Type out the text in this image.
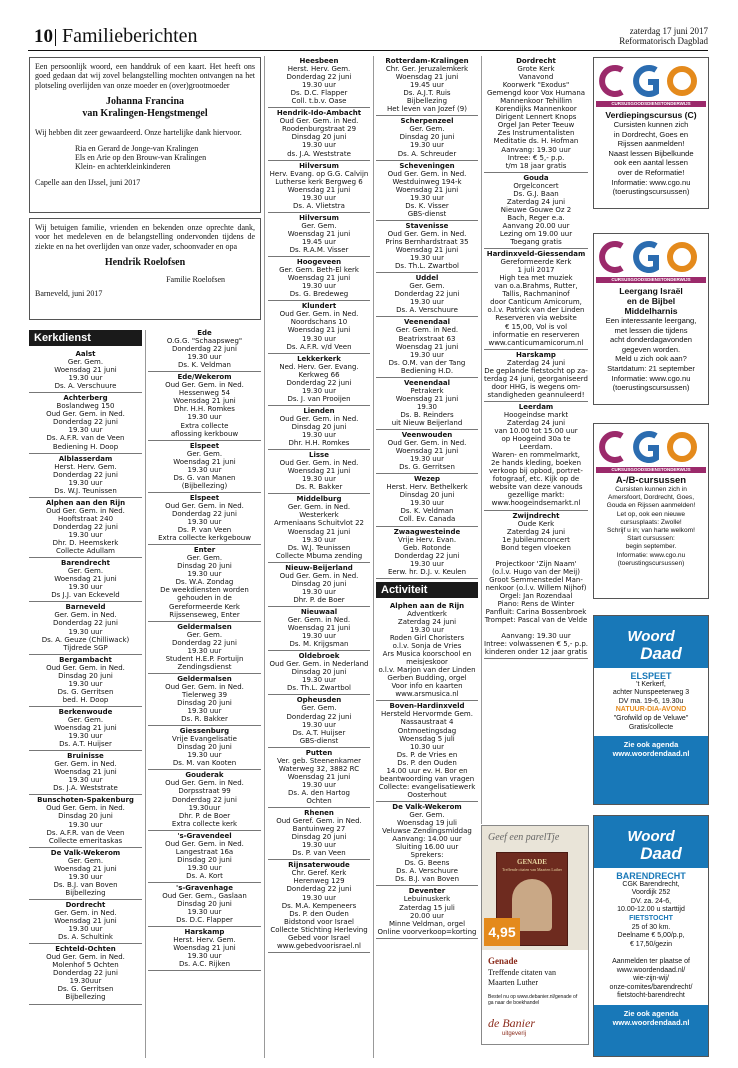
10 Familieberichten	zaterdag 17 juni 2017
Reformatorisch Dagblad

Een persoonlijk woord, een handdruk of een kaart. Het heeft ons goed gedaan dat wij zovel belangstelling mochten ontvangen na het plotseling overlijden van onze moeder en (over)grootmoeder

Johanna Francina
van Kralingen-Hengstmengel

Wij hebben dit zeer gewaardeerd. Onze hartelijke dank hiervoor.

Ria en Gerard de Jonge-van Kralingen
Els en Arie op den Brouw-van Kralingen
Klein- en achterkleinkinderen

Capelle aan den IJssel, juni 2017

Wij betuigen familie, vrienden en bekenden onze oprechte dank, voor het medeleven en de belangstelling ondervonden tijdens de ziekte en na het overlijden van onze vader, schoonvader en opa

Hendrik Roelofsen

Familie Roelofsen

Barneveld, juni 2017

Kerkdienst
Aalst
Ger. Gem.
Woensdag 21 juni
19.30 uur
Ds. A. Verschuure
Achterberg
Boslandweg 150
Oud Ger. Gem. in Ned.
Donderdag 22 juni
19.30 uur
Ds. A.F.R. van de Veen
Bediening H. Doop
Alblasserdam
Herst. Herv. Gem.
Donderdag 22 juni
19.30 uur
Ds. W.J. Teunissen
Alphen aan den Rijn
Oud Ger. Gem. in Ned.
Hooftstraat 240
Donderdag 22 juni
19.30 uur
Dhr. D. Heemskerk
Collecte Adullam
Barendrecht
Ger. Gem.
Woensdag 21 juni
19.30 uur
Ds J.J. van Eckeveld
Barneveld
Ger. Gem. in Ned.
Donderdag 22 juni
19.30 uur
Ds. A. Geuze (Chilliwack)
Tijdrede SGP
Bergambacht
Oud Ger. Gem. in Ned.
Dinsdag 20 juni
19.30 uur
Ds. G. Gerritsen
bed. H. Doop
Berkenwoude
Ger. Gem.
Woensdag 21 juni
19.30 uur
Ds. A.T. Huijser
Bruinisse
Ger. Gem. in Ned.
Woensdag 21 juni
19.30 uur
Ds. J.A. Weststrate
Bunschoten-Spakenburg
Oud Ger. Gem. in Ned.
Dinsdag 20 juni
19.30 uur
Ds. A.F.R. van de Veen
Collecte emeritaskas
De Valk-Wekerom
Ger. Gem.
Woensdag 21 juni
19.30 uur
Ds. B.J. van Boven
Bijbellezing
Dordrecht
Ger. Gem. in Ned.
Woensdag 21 juni
19.30 uur
Ds. A. Schultink
Echteld-Ochten
Oud Ger. Gem. in Ned.
Molenhof 5 Ochten
Donderdag 22 juni
19.30uur
Ds. G. Gerritsen
Bijbellezing
Ede
O.G.G. "Schaapsweg"
Donderdag 22 juni
19.30 uur
Ds. K. Veldman
Ede/Wekerom
Oud Ger. Gem. in Ned.
Hessenweg 54
Woensdag 21 juni
Dhr. H.H. Romkes
19.30 uur
Extra collecte
aflossing kerkbouw
Elspeet
Ger. Gem.
Woensdag 21 juni
19.30 uur
Ds. G. van Manen
(Bijbellezing)
Elspeet
Oud Ger. Gem. in Ned.
Donderdag 22 juni
19.30 uur
Ds. P. van Veen
Extra collecte kerkgebouw
Enter
Ger. Gem.
Dinsdag 20 juni
19.30 uur
Ds. W.A. Zondag
De weekdiensten worden
gehouden in de
Gereformeerde Kerk
Rijssenseweg, Enter
Geldermalsen
Ger. Gem.
Donderdag 22 juni
19.30 uur
Student H.E.P. Fortuijn
Zendingsdienst
Geldermalsen
Oud Ger. Gem. in Ned.
Tielerweg 39
Dinsdag 20 juni
19.30 uur
Ds. R. Bakker
Giessenburg
Vrije Evangelisatie
Dinsdag 20 juni
19.30 uur
Ds. M. van Kooten
Gouderak
Oud Ger. Gem. in Ned.
Dorpsstraat 99
Donderdag 22 juni
19.30uur
Dhr. P. de Boer
Extra collecte kerk
's-Gravendeel
Oud Ger. Gem. in Ned.
Langestraat 16a
Dinsdag 20 juni
19.30 uur
Ds. A. Kort
's-Gravenhage
Oud Ger. Gem., Gaslaan
Dinsdag 20 juni
19.30 uur
Ds. D.C. Flapper
Harskamp
Herst. Herv. Gem.
Woensdag 21 juni
19.30 uur
Ds. A.C. Rijken
Heesbeen
Herst. Herv. Gem.
Donderdag 22 juni
19.30 uur
Ds. D.C. Flapper
Coll. t.b.v. Oase
Hendrik-Ido-Ambacht
Oud Ger. Gem. in Ned.
Roodenburgstraat 29
Dinsdag 20 juni
19.30 uur
ds. J.A. Weststrate
Hilversum
Herv. Evang. op G.G. Calvijn
Lutherse kerk Bergweg 6
Woensdag 21 juni
19.30 uur
Ds. A. Vlietstra
Hilversum
Ger. Gem.
Woensdag 21 juni
19.45 uur
Ds. R.A.M. Visser
Hoogeveen
Ger. Gem. Beth-El kerk
Woensdag 21 juni
19.30 uur
Ds. G. Bredeweg
Klundert
Oud Ger. Gem. in Ned.
Noordschans 10
Woensdag 21 juni
19.30 uur
Ds. A.F.R. v/d Veen
Lekkerkerk
Ned. Herv. Ger. Evang.
Kerkweg 66
Donderdag 22 juni
19.30 uur
Ds. J. van Prooijen
Lienden
Oud Ger. Gem. in Ned.
Dinsdag 20 juni
19.30 uur
Dhr. H.H. Romkes
Lisse
Oud Ger. Gem. in Ned.
Woensdag 21 juni
19.30 uur
Ds. R. Bakker
Middelburg
Ger. Gem. in Ned.
Westerkerk
Armeniaans Schuitvlot 22
Woensdag 21 juni
19.30 uur
Ds. W.J. Teunissen
Collecte Mbuma zending
Nieuw-Beijerland
Oud Ger. Gem. in Ned.
Dinsdag 20 juni
19.30 uur
Dhr. P. de Boer
Nieuwaal
Ger. Gem. in Ned.
Woensdag 21 juni
19.30 uur
Ds. M. Krijgsman
Oldebroek
Oud Ger. Gem. in Nederland
Dinsdag 20 juni
19.30 uur
Ds. Th.L. Zwartbol
Opheusden
Ger. Gem.
Donderdag 22 juni
19.30 uur
Ds. A.T. Huijser
GBS-dienst
Putten
Ver. geb. Steenenkamer
Waterweg 32, 3882 RC
Woensdag 21 juni
19.30 uur
Ds. A. den Hartog
Ochten
Rhenen
Oud Geref. Gem. in Ned.
Bantuinweg 27
Dinsdag 20 juni
19.30 uur
Ds. P. van Veen
Rijnsaterwoude
Chr. Geref. Kerk
Herenweg 129
Donderdag 22 juni
19.30 uur
Ds. M.A. Kempeneers
Ds. P. den Ouden
Bidstond voor Israel
Collecte Stichting Herleving
Gebed voor Israel
www.gebedvoorisrael.nl
Rotterdam-Kralingen
Chr. Ger. Jeruzalemkerk
Woensdag 21 juni
19.45 uur
Ds. A.J.T. Ruis
Bijbellezing
Het leven van Jozef (9)
Scherpenzeel
Ger. Gem.
Dinsdag 20 juni
19.30 uur
Ds. A. Schreuder
Scheveningen
Oud Ger. Gem. in Ned.
Westduinweg 194-k
Woensdag 21 juni
19.30 uur
Ds. K. Visser
GBS-dienst
Stavenisse
Oud Ger. Gem. in Ned.
Prins Bernhardstraat 35
Woensdag 21 juni
19.30 uur
Ds. Th.L. Zwartbol
Uddel
Ger. Gem.
Donderdag 22 juni
19.30 uur
Ds. A. Verschuure
Veenendaal
Ger. Gem. in Ned.
Beatrixstraat 63
Woensdag 21 juni
19.30 uur
Ds. O.M. van der Tang
Bediening H.D.
Veenendaal
Petrakerk
Woensdag 21 juni
19.30
Ds. B. Reinders
uit Nieuw Beijerland
Veenwouden
Oud Ger. Gem. in Ned.
Woensdag 21 juni
19.30 uur
Ds. G. Gerritsen
Wezep
Herst. Herv. Bethelkerk
Dinsdag 20 juni
19.30 uur
Ds. K. Veldman
Coll. Ev. Canada
Zwaagwesteinde
Vrije Herv. Evan.
Geb. Rotonde
Donderdag 22 juni
19.30 uur
Eerw. hr. D.J. v. Keulen
Activiteit
Alphen aan de Rijn
Adventkerk
Zaterdag 24 juni
19.30 uur
Roden Girl Choristers
o.l.v. Sonja de Vries
Ars Musica koorschool en
meisjeskoor
o.l.v. Marjon van der Linden
Gerben Budding, orgel
Voor info en kaarten
www.arsmusica.nl
Boven-Hardinxveld
Hersteld Hervormde Gem.
Nassaustraat 4
Ontmoetingsdag
Woensdag 5 juli
10.30 uur
Ds. P. de Vries en
Ds. P. den Ouden
14.00 uur ev. H. Bor en
beantwoording van vragen
Collecte: evangelisatiewerk
Oosterhout
De Valk-Wekerom
Ger. Gem.
Woensdag 19 juli
Veluwse Zendingsmiddag
Aanvang: 14.00 uur
Sluiting 16.00 uur
Sprekers:
Ds. G. Beens
Ds. A. Verschuure
Ds. B.J. van Boven
Deventer
Lebuinuskerk
Zaterdag 15 juli
20.00 uur
Minne Veldman, orgel
Online voorverkoop=korting
Dordrecht
Grote Kerk
Vanavond
Koorwerk "Exodus"
Gemengd koor Vox Humana
Mannenkoor Tehillim
Korendijks Mannenkoor
Dirigent Lennert Knops
Orgel Jan Peter Teeuw
Zes Instrumentalisten
Meditatie ds. H. Hofman
Aanvang: 19.30 uur
Intree: € 5,- p.p.
t/m 18 jaar gratis
Gouda
Orgelconcert
Ds. G.J. Baan
Zaterdag 24 juni
Nieuwe Gouwe Oz 2
Bach, Reger e.a.
Aanvang 20.00 uur
Lezing om 19.00 uur
Toegang gratis
Hardinxveld-Giessendam
Gereformeerde Kerk
1 juli 2017
High tea met muziek
van o.a.Brahms, Rutter,
Tallis, Rachmaninof
door Canticum Amicorum,
o.l.v. Patrick van der Linden
Reserveren via website
€ 15,00, Vol is vol
informatie en reserveren
www.canticumamicorum.nl
Harskamp
Zaterdag 24 juni
De geplande fietstocht op za-
terdag 24 juni, georganiseerd
door HHG, is wegens om-
standigheden geannuleerd!
Leerdam
Hoogeindse markt
Zaterdag 24 juni
van 10.00 tot 15.00 uur
op Hoogeind 30a te Leerdam.
Waren- en rommelmarkt,
2e hands kleding, boeken
verkoop bij opbod, portret-
fotograaf, etc. Kijk op de
website van deze vanouds
gezellige markt:
www.hoogeindsemarkt.nl
Zwijndrecht
Oude Kerk
Zaterdag 24 juni
1e Jubileumconcert
Bond tegen vloeken

Projectkoor 'Zijn Naam'
(o.l.v. Hugo van der Meij)
Groot Semmenstedel Man-
nenkoor (o.l.v. Willem Nijhof)
Orgel: Jan Rozendaal
Piano: Rens de Winter
Panfluit: Carina Bossenbroek
Trompet: Pascal van de Velde

Aanvang: 19.30 uur
Intree: volwassenen € 5,- p.p.
kinderen onder 12 jaar gratis
Geef een parelTje
GENADE
Treffende citaten van Maarten Luther
4,95
Genade
Treffende citaten van Maarten Luther
Bestel nu op www.debanier.nl/genade of ga naar de boekhandel
de Banier
uitgeverij
CURSUSGOODSDIENSTONDERWIJS
Verdiepingscursus (C)
Cursisten kunnen zich
in Dordrecht, Goes en
Rijssen aanmelden!
Naast lessen Bijbelkunde
ook een aantal lessen
over de Reformatie!
Informatie: www.cgo.nu
(toerustingscursussen)
CURSUSGOODSDIENSTONDERWIJS
Leergang Israël
en de Bijbel
Middelharnis
Een interessante leergang,
met lessen die tijdens
acht donderdagavonden
gegeven worden.
Meld u zich ook aan?
Startdatum: 21 september
Informatie: www.cgo.nu
(toerustingscursussen)
CURSUSGOODSDIENSTONDERWIJS
A-/B-cursussen
Cursisten kunnen zich in
Amersfoort, Dordrecht, Goes,
Gouda en Rijssen aanmelden!
Let op, ook een nieuwe
cursusplaats: Zwolle!
Schrijf u in; van harte welkom!
Start cursussen:
begin september.
Informatie: www.cgo.nu
(toerustingscursussen)
Woord
Daad
ELSPEET
't Kerkerf,
achter Nunspeeterweg 3
DV ma. 19-6, 19.30u
NATUUR-DIA-AVOND
"Grofwild op de Veluwe"
Gratis/collecte
Zie ook agenda
www.woordendaad.nl
Woord
Daad
BARENDRECHT
CGK Barendrecht,
Voordijk 252
DV. za. 24-6,
10.00-12.00 u starttijd
FIETSTOCHT
25 of 30 km.
Deelname € 5,00/p.p,
€ 17,50/gezin

Aanmelden ter plaatse of
www.woordendaad.nl/
wie-zijn-wij/
onze-comites/barendrecht/
fietstocht-barendrecht
Zie ook agenda
www.woordendaad.nl
